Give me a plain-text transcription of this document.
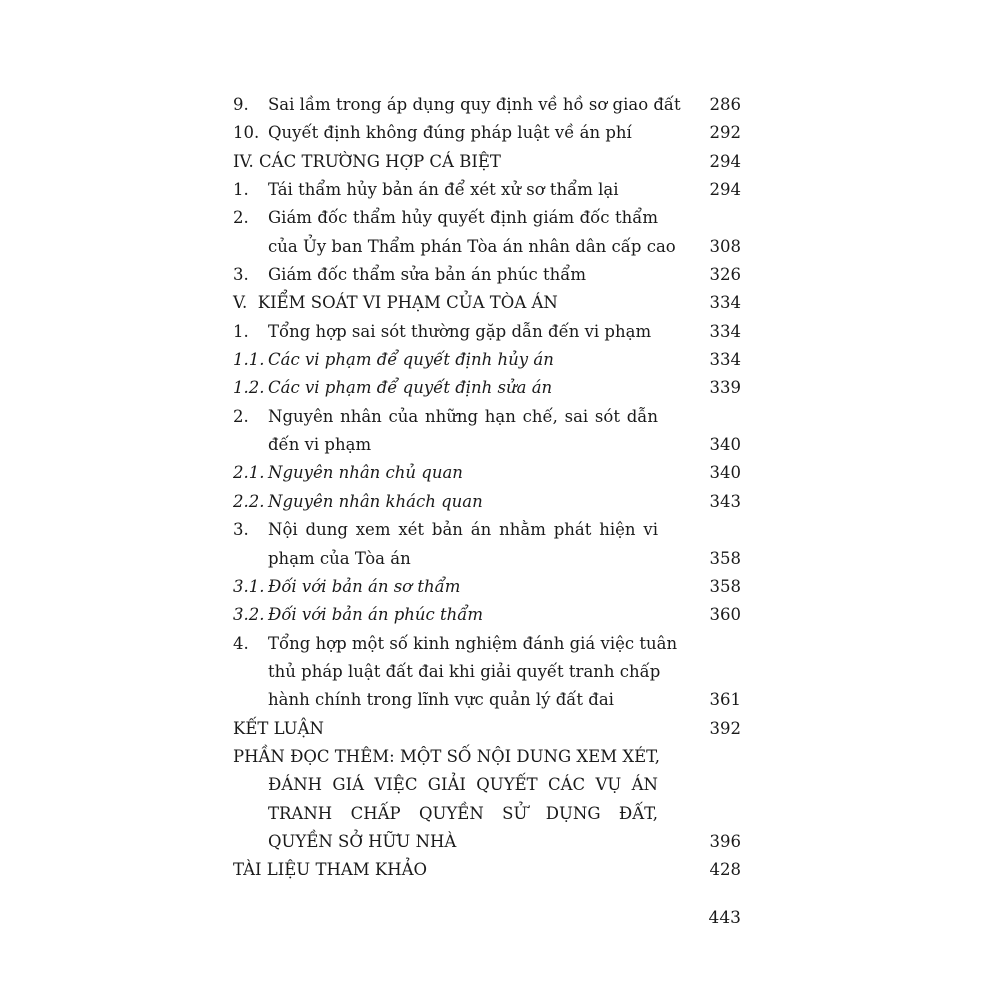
9. Sai lầm trong áp dụng quy định về hồ sơ giao đất 286
10. Quyết định không đúng pháp luật về án phí	292
IV. CÁC TRƯỜNG HỢP CÁ BIỆT	294
1. Tái thẩm hủy bản án để xét xử sơ thẩm lại	294
2. Giám đốc thẩm hủy quyết định giám đốc thẩm
của Ủy ban Thẩm phán Tòa án nhân dân cấp cao 308
3. Giám đốc thẩm sửa bản án phúc thẩm	326
V.  KIỂM SOÁT VI PHẠM CỦA TÒA ÁN	334
1. Tổng hợp sai sót thường gặp dẫn đến vi phạm	334
1.1. Các vi phạm để quyết định hủy án	334
1.2. Các vi phạm để quyết định sửa án	339
2. Nguyên nhân của những hạn chế, sai sót dẫn
đến vi phạm	340
2.1. Nguyên nhân chủ quan	340
2.2. Nguyên nhân khách quan	343
3. Nội dung xem xét bản án nhằm phát hiện vi
phạm của Tòa án	358
3.1. Đối với bản án sơ thẩm	358
3.2. Đối với bản án phúc thẩm	360
4. Tổng hợp một số kinh nghiệm đánh giá việc tuân
thủ pháp luật đất đai khi giải quyết tranh chấp
hành chính trong lĩnh vực quản lý đất đai	361
KẾT LUẬN	392
PHẦN ĐỌC THÊM: MỘT SỐ NỘI DUNG XEM XÉT,
ĐÁNH GIÁ VIỆC GIẢI QUYẾT CÁC VỤ ÁN
TRANH CHẤP QUYỀN SỬ DỤNG ĐẤT,
QUYỀN SỞ HỮU NHÀ	396
TÀI LIỆU THAM KHẢO	428
443
